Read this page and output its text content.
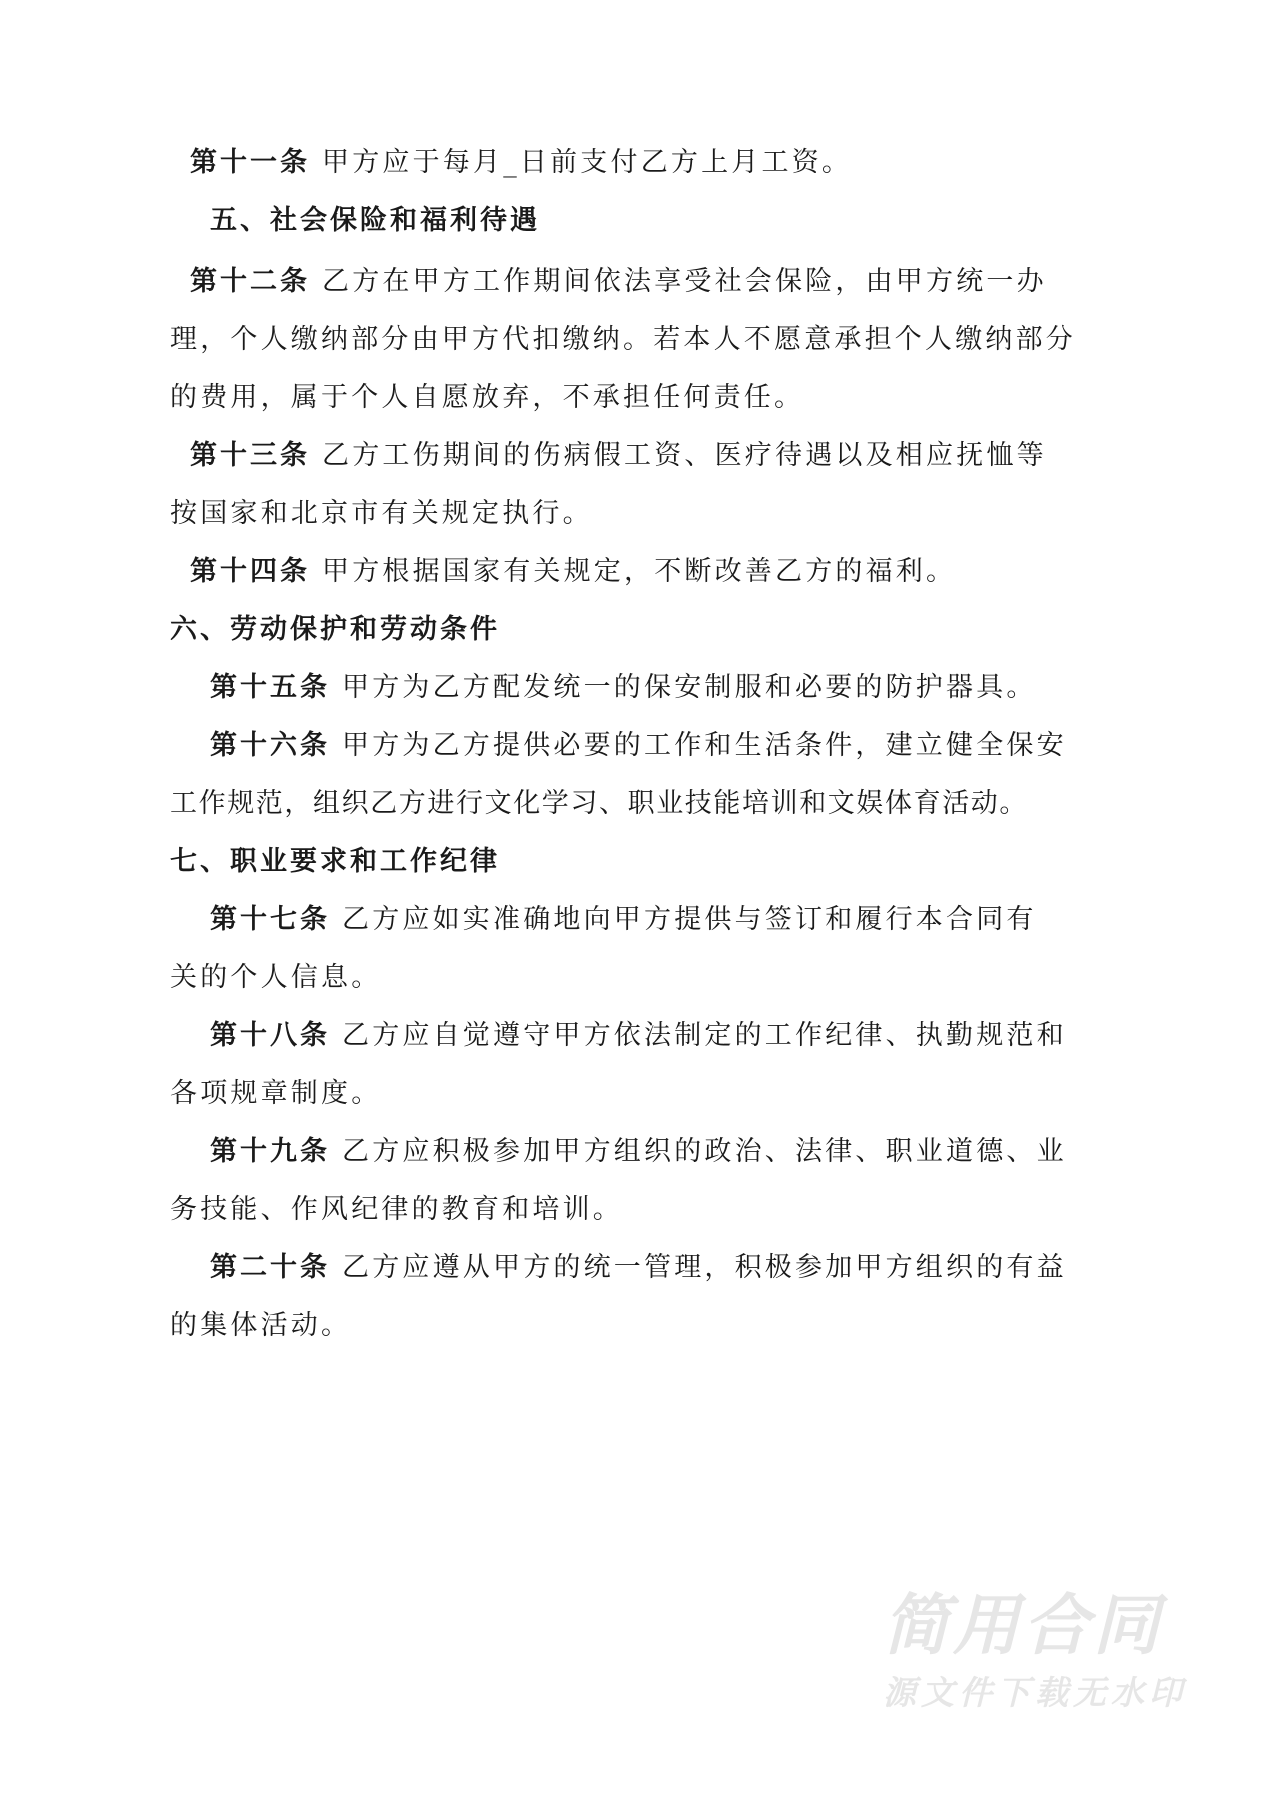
第十一条 甲方应于每月_日前支付乙方上月工资。
五、社会保险和福利待遇
第十二条 乙方在甲方工作期间依法享受社会保险，由甲方统一办
理，个人缴纳部分由甲方代扣缴纳。若本人不愿意承担个人缴纳部分
的费用，属于个人自愿放弃，不承担任何责任。
第十三条 乙方工伤期间的伤病假工资、医疗待遇以及相应抚恤等
按国家和北京市有关规定执行。
第十四条 甲方根据国家有关规定，不断改善乙方的福利。
六、劳动保护和劳动条件
第十五条 甲方为乙方配发统一的保安制服和必要的防护器具。
第十六条 甲方为乙方提供必要的工作和生活条件，建立健全保安
工作规范，组织乙方进行文化学习、职业技能培训和文娱体育活动。
七、职业要求和工作纪律
第十七条 乙方应如实准确地向甲方提供与签订和履行本合同有
关的个人信息。
第十八条 乙方应自觉遵守甲方依法制定的工作纪律、执勤规范和
各项规章制度。
第十九条 乙方应积极参加甲方组织的政治、法律、职业道德、业
务技能、作风纪律的教育和培训。
第二十条 乙方应遵从甲方的统一管理，积极参加甲方组织的有益
的集体活动。
简用合同
源文件下载无水印
